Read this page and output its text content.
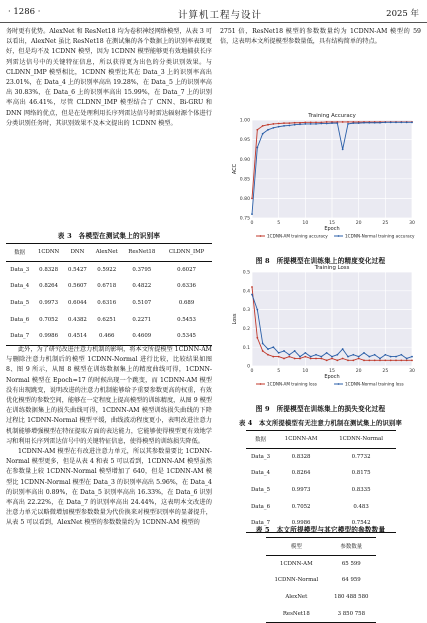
· 1286 ·	计算机工程与设计	2025 年

务时更有优势。AlexNet 和 ResNet18 均为卷积神经网络模型，从表 3 可以看出，AlexNet 虽比 ResNet18 在测试集的各个数据上的识别率表现更好，但是均不及 1CDNN 模型，因为 1CDNN 模型能够更有效地捕获长序列雷达信号中的关键特征信息，所以获得更为出色的分类识别效果。与 CLDNN_IMP 模型相比，1CDNN 模型比其在 Data_3 上的识别率高出 23.01%，在 Data_4 上的识别率高出 19.28%，在 Data_5 上的识别率高出 30.83%，在 Data_6 上的识别率高出 15.99%，在 Data_7 上的识别率高出 46.41%，尽管 CLDNN_IMP 模型结合了 CNN、Bi-GRU 和 DNN 网络的优点，但是在处理利用长序列雷达信号时雷达辐射源个体进行分类识别任务时，其识别效果不及本文提出的 1CDNN 模型。

表 3　各模型在测试集上的识别率
数据	1CDNN	DNN	AlexNet	ResNet18	CLDNN_IMP
Data_3	0.8328	0.5427	0.5922	0.3795	0.6027
Data_4	0.8264	0.5607	0.6718	0.4822	0.6336
Data_5	0.9973	0.6044	0.6316	0.5107	0.689
Data_6	0.7052	0.4382	0.6251	0.2271	0.5453
Data_7	0.9986	0.4514	0.466	0.4609	0.5345

此外，为了研究改进注意力机制的影响，将本文所提模型 1CDNN-AM 与删除注意力机制后的模型 1CDNN-Normal 进行比较，比较结果如图 8、图 9 所示，从图 8 模型在训练数据集上的精度曲线可得，1CDNN-Normal 模型在 Epoch=17 的时候出现一个跳变，而 1CDNN-AM 模型没有出现跳变，说明改进的注意力机制能够给予重要参数更高的权重，有效优化模型的参数空间，能够在一定程度上提高模型的训练精度，从图 9 模型在训练数据集上的损失曲线可得，1CDNN-AM 模型训练损失曲线的下降过程比 1CDNN-Normal 模型平缓，曲线波动程度更小，表明改进注意力机制能够增强模型在特征提取方面的表达能力，它能够使得模型更有效地学习和利用长序列雷达信号中的关键特征信息，使得模型的训练损失降低。

1CDNN-AM 模型在有改进注意力单元，所以其参数量要比 1CDNN-Normal 模型更多，但是从表 4 和表 5 可以看到，1CDNN-AM 模型虽然在参数量上较 1CDNN-Normal 模型增加了 640，但是 1CDNN-AM 模型比 1CDNN-Normal 模型在 Data_3 的识别率高出 5.96%，在 Data_4 的识别率高出 0.89%，在 Data_5 识别率高出 16.33%，在 Data_6 识别率高出 22.22%，在 Data_7 的识别率高出 24.44%，这表明本文改进的注意力单元以略微增加模型参数数量为代价换来对模型识别率的显著提升，从表 5 可以看到，AlexNet 模型的参数数量约为 1CDNN-AM 模型的

2751 倍，ResNet18 模型的参数数量约为 1CDNN-AM 模型的 59 倍，这表明本文所提模型参数量低，具有结构简单的特点。

0	5	10	15	20	25	30
0.75
0.80
0.85
0.90
0.95
1.00
Training Accuracy
Epoch
ACC
1CDNN-AM training accuracy	1CDNN-Normal training accuracy
图 8　所提模型在训练集上的精度变化过程
0	5	10	15	20	25	30
0
0.1
0.2
0.3
0.4
0.5
Training Loss
Epoch
Loss
1CDNN-AM training loss	1CDNN-Normal training loss
图 9　所提模型在训练集上的损失变化过程
表 4　本文所提模型有无注意力机制在测试集上的识别率
数据	1CDNN-AM	1CDNN-Normal
Data_3	0.8328	0.7732
Data_4	0.8264	0.8175
Data_5	0.9973	0.8335
Data_6	0.7052	0.483
Data_7	0.9986	0.7542
表 5　本文所提模型与其它模型的参数数量
模型	参数数量
1CDNN-AM	65 599
1CDNN-Normal	64 959
AlexNet	180 488 580
ResNet18	3 850 758
